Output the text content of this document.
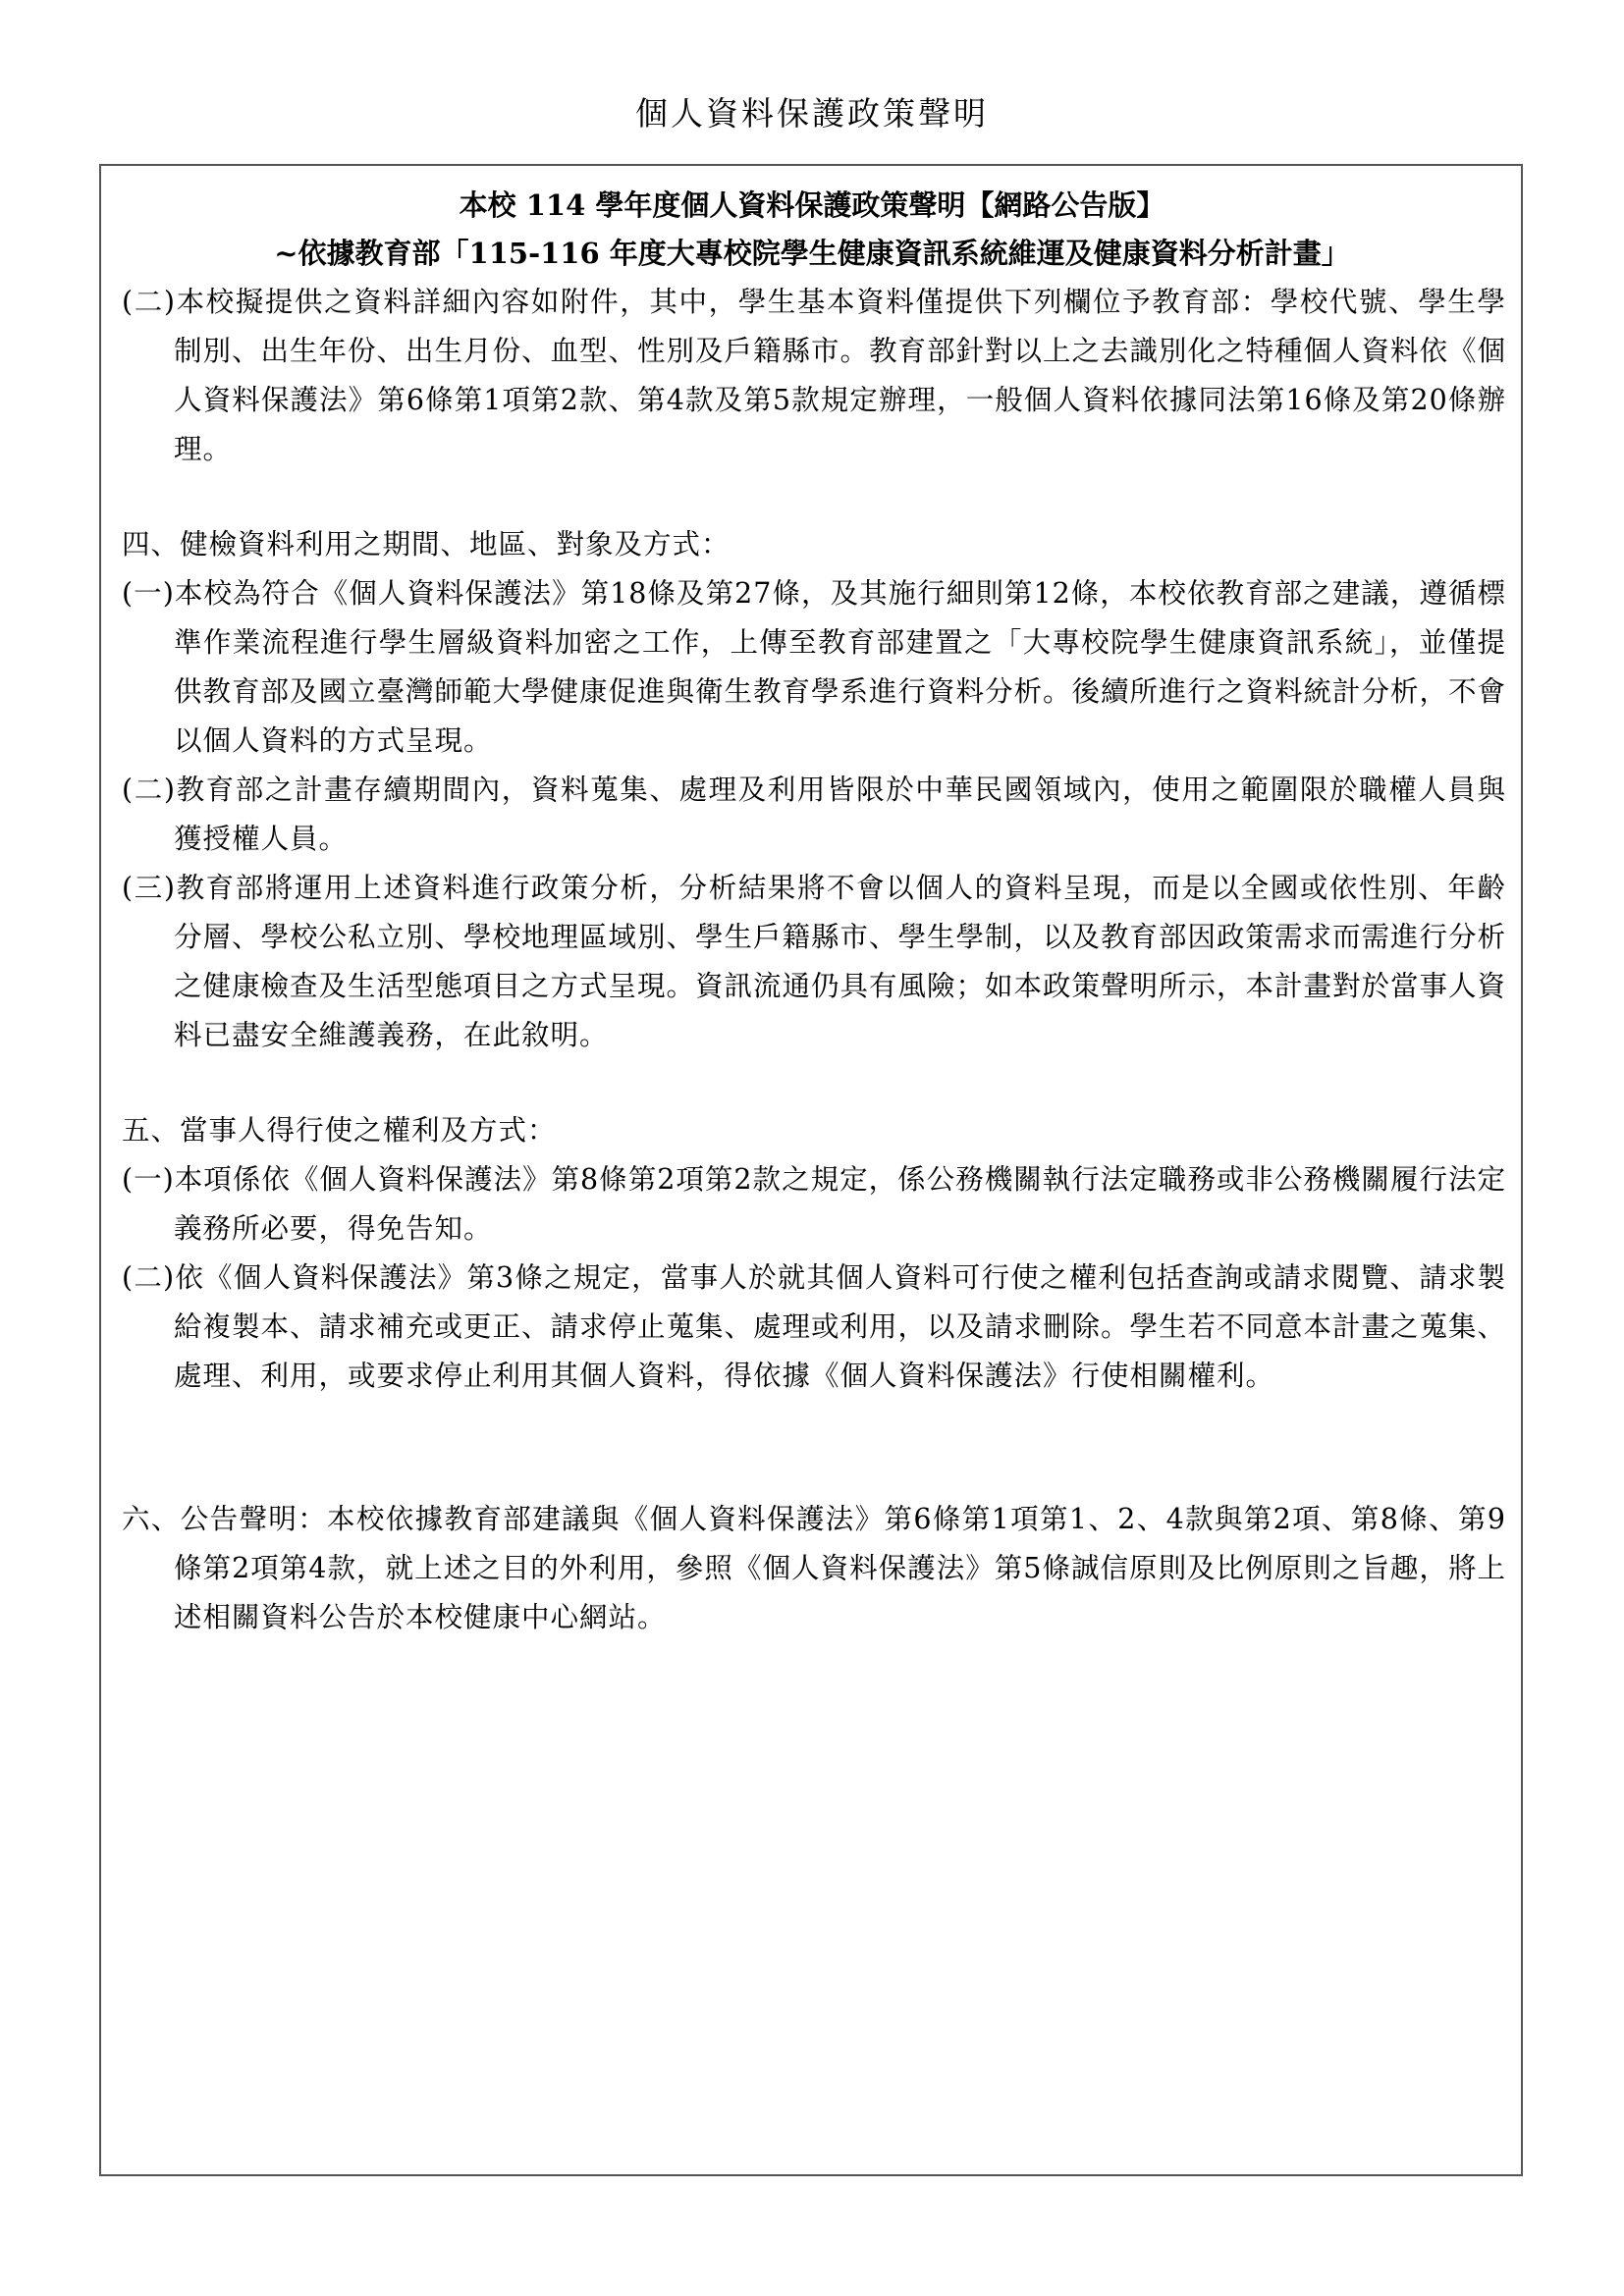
個人資料保護政策聲明
本校 114 學年度個人資料保護政策聲明【網路公告版】
~依據教育部「115-116 年度大專校院學生健康資訊系統維運及健康資料分析計畫」
(二)本校擬提供之資料詳細內容如附件，其中，學生基本資料僅提供下列欄位予教育部：學校代號、學生學制別、出生年份、出生月份、血型、性別及戶籍縣市。教育部針對以上之去識別化之特種個人資料依《個人資料保護法》第6條第1項第2款、第4款及第5款規定辦理，一般個人資料依據同法第16條及第20條辦理。
四、健檢資料利用之期間、地區、對象及方式：
(一)本校為符合《個人資料保護法》第18條及第27條，及其施行細則第12條，本校依教育部之建議，遵循標準作業流程進行學生層級資料加密之工作，上傳至教育部建置之「大專校院學生健康資訊系統」，並僅提供教育部及國立臺灣師範大學健康促進與衛生教育學系進行資料分析。後續所進行之資料統計分析，不會以個人資料的方式呈現。
(二)教育部之計畫存續期間內，資料蒐集、處理及利用皆限於中華民國領域內，使用之範圍限於職權人員與獲授權人員。
(三)教育部將運用上述資料進行政策分析，分析結果將不會以個人的資料呈現，而是以全國或依性別、年齡分層、學校公私立別、學校地理區域別、學生戶籍縣市、學生學制，以及教育部因政策需求而需進行分析之健康檢查及生活型態項目之方式呈現。資訊流通仍具有風險；如本政策聲明所示，本計畫對於當事人資料已盡安全維護義務，在此敘明。
五、當事人得行使之權利及方式：
(一)本項係依《個人資料保護法》第8條第2項第2款之規定，係公務機關執行法定職務或非公務機關履行法定義務所必要，得免告知。
(二)依《個人資料保護法》第3條之規定，當事人於就其個人資料可行使之權利包括查詢或請求閱覽、請求製給複製本、請求補充或更正、請求停止蒐集、處理或利用，以及請求刪除。學生若不同意本計畫之蒐集、處理、利用，或要求停止利用其個人資料，得依據《個人資料保護法》行使相關權利。
六、公告聲明：本校依據教育部建議與《個人資料保護法》第6條第1項第1、2、4款與第2項、第8條、第9條第2項第4款，就上述之目的外利用，參照《個人資料保護法》第5條誠信原則及比例原則之旨趣，將上述相關資料公告於本校健康中心網站。
